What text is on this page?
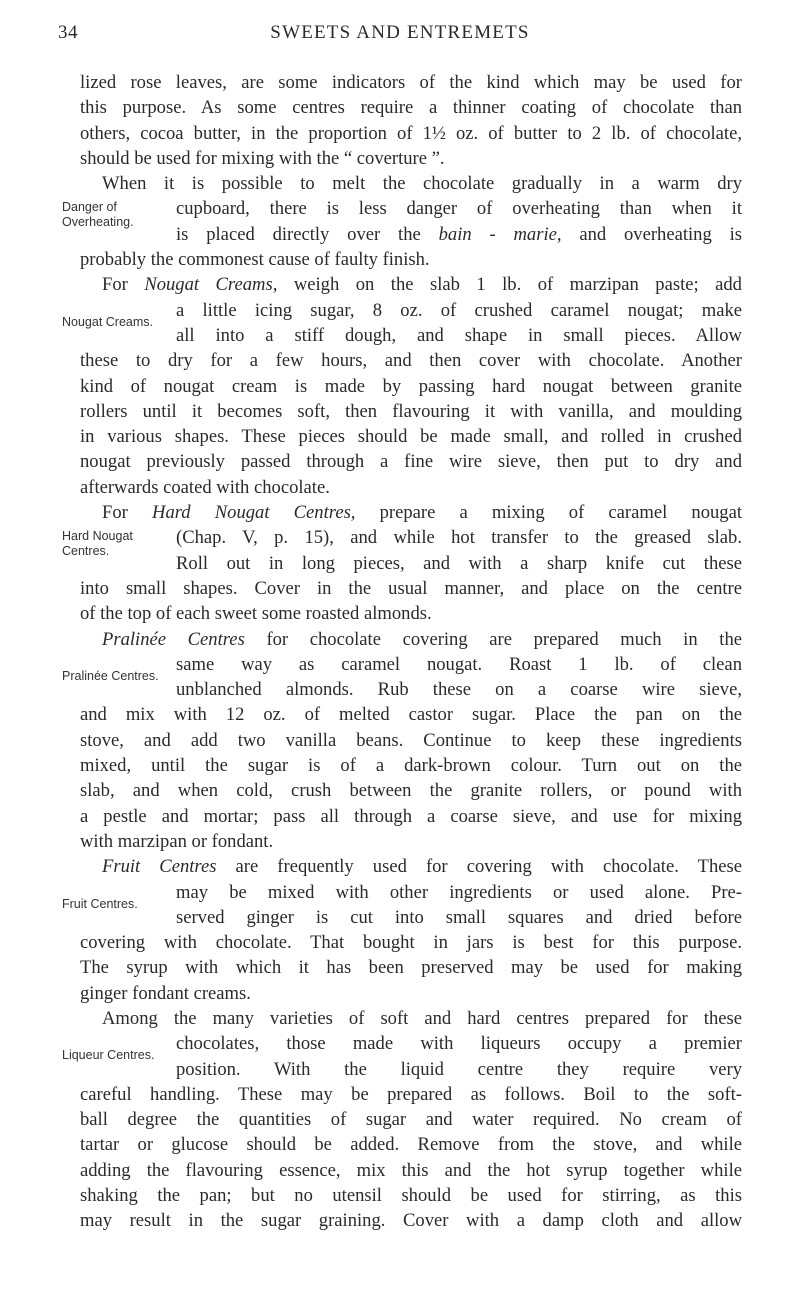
34	SWEETS AND ENTREMETS
lized rose leaves, are some indicators of the kind which may be used for
this purpose. As some centres require a thinner coating of chocolate than
others, cocoa butter, in the proportion of 1½ oz. of butter to 2 lb. of chocolate,
should be used for mixing with the “ coverture ”.
When it is possible to melt the chocolate gradually in a warm dry
Danger of
Overheating.
cupboard, there is less danger of overheating than when it
is placed directly over the bain - marie, and overheating is
probably the commonest cause of faulty finish.
For Nougat Creams, weigh on the slab 1 lb. of marzipan paste; add
Nougat Creams.
a little icing sugar, 8 oz. of crushed caramel nougat; make
all into a stiff dough, and shape in small pieces. Allow
these to dry for a few hours, and then cover with chocolate. Another
kind of nougat cream is made by passing hard nougat between granite
rollers until it becomes soft, then flavouring it with vanilla, and moulding
in various shapes. These pieces should be made small, and rolled in crushed
nougat previously passed through a fine wire sieve, then put to dry and
afterwards coated with chocolate.
For Hard Nougat Centres, prepare a mixing of caramel nougat
Hard Nougat
Centres.
(Chap. V, p. 15), and while hot transfer to the greased slab.
Roll out in long pieces, and with a sharp knife cut these
into small shapes. Cover in the usual manner, and place on the centre
of the top of each sweet some roasted almonds.
Pralinée Centres for chocolate covering are prepared much in the
Pralinée Centres.
same way as caramel nougat. Roast 1 lb. of clean
unblanched almonds. Rub these on a coarse wire sieve,
and mix with 12 oz. of melted castor sugar. Place the pan on the
stove, and add two vanilla beans. Continue to keep these ingredients
mixed, until the sugar is of a dark-brown colour. Turn out on the
slab, and when cold, crush between the granite rollers, or pound with
a pestle and mortar; pass all through a coarse sieve, and use for mixing
with marzipan or fondant.
Fruit Centres are frequently used for covering with chocolate. These
Fruit Centres.
may be mixed with other ingredients or used alone. Pre-
served ginger is cut into small squares and dried before
covering with chocolate. That bought in jars is best for this purpose.
The syrup with which it has been preserved may be used for making
ginger fondant creams.
Among the many varieties of soft and hard centres prepared for these
Liqueur Centres.
chocolates, those made with liqueurs occupy a premier
position. With the liquid centre they require very
careful handling. These may be prepared as follows. Boil to the soft-
ball degree the quantities of sugar and water required. No cream of
tartar or glucose should be added. Remove from the stove, and while
adding the flavouring essence, mix this and the hot syrup together while
shaking the pan; but no utensil should be used for stirring, as this
may result in the sugar graining. Cover with a damp cloth and allow
